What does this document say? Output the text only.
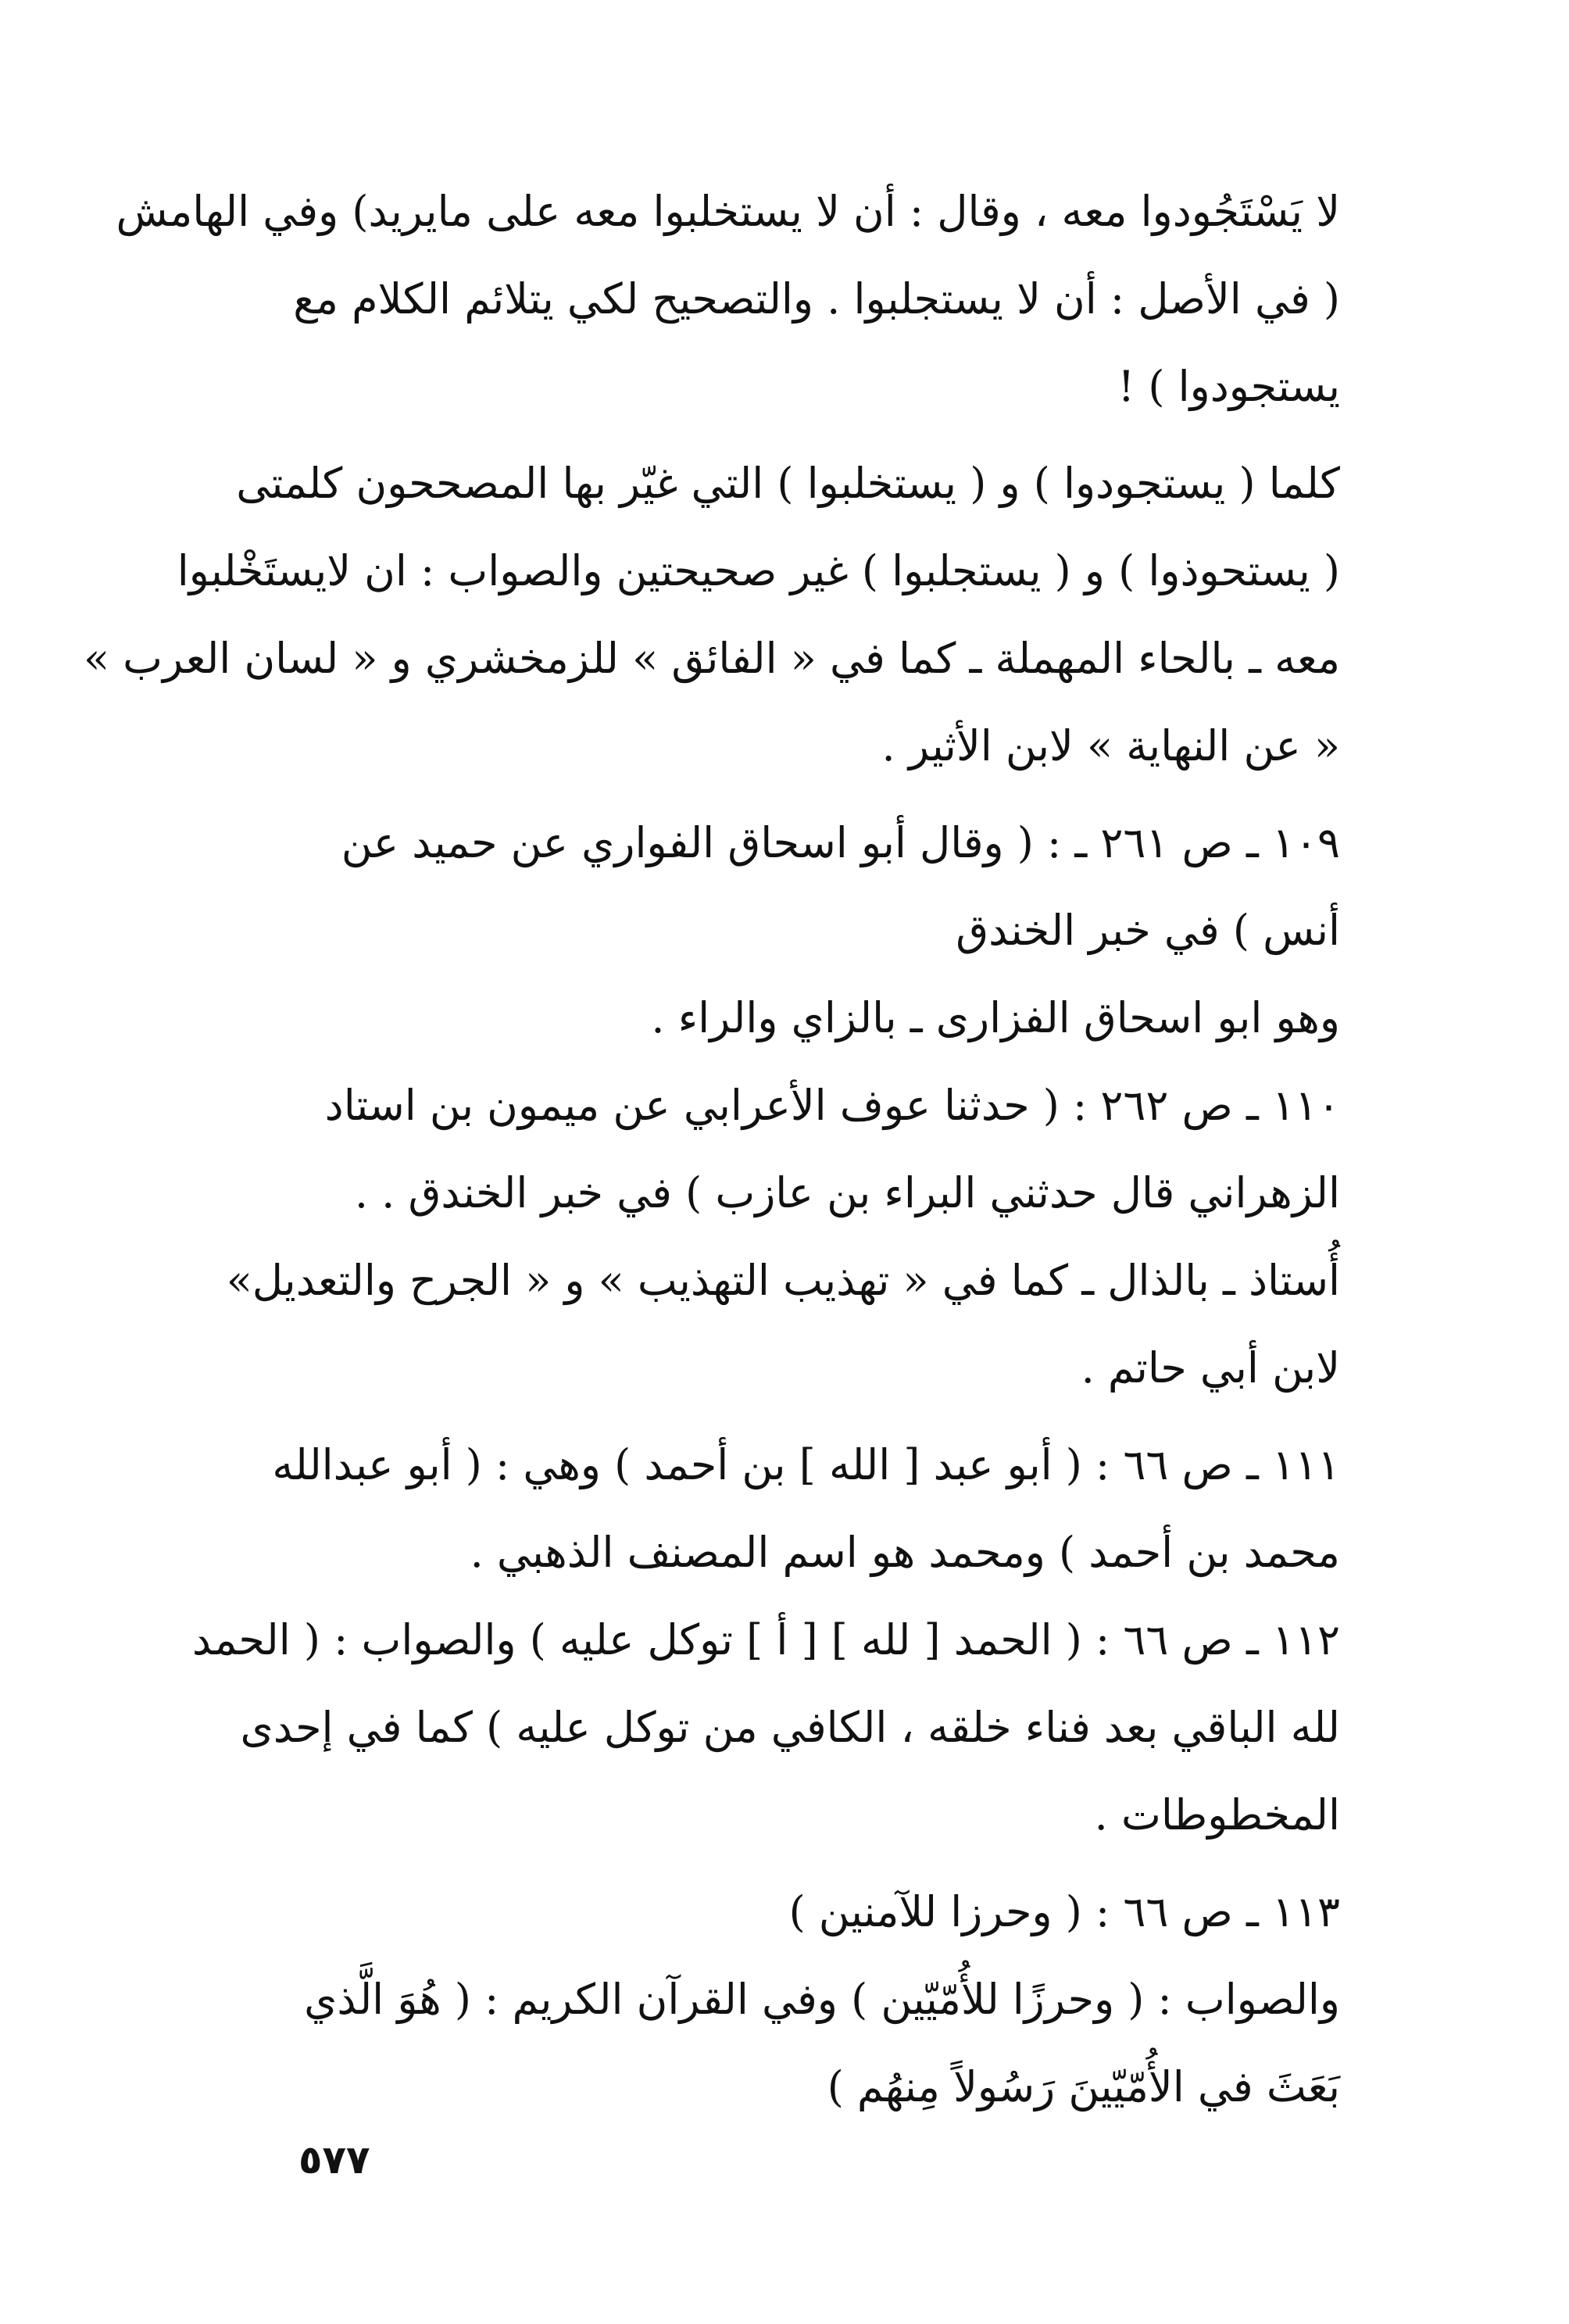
لا يَسْتَجُودوا معه ، وقال : أن لا يستخلبوا معه على مايريد) وفي الهامش
( في الأصل : أن لا يستجلبوا . والتصحيح لكي يتلائم الكلام مع
يستجودوا ) !
كلما ( يستجودوا ) و ( يستخلبوا ) التي غيّر بها المصححون كلمتى
( يستحوذوا ) و ( يستجلبوا ) غير صحيحتين والصواب : ان لايستَخْلبوا
معه ـ بالحاء المهملة ـ كما في « الفائق » للزمخشري و « لسان العرب »
« عن النهاية » لابن الأثير .
١٠٩ ـ ص ٢٦١ ـ : ( وقال أبو اسحاق الفواري عن حميد عن
أنس ) في خبر الخندق
وهو ابو اسحاق الفزارى ـ بالزاي والراء .
١١٠ ـ ص ٢٦٢ : ( حدثنا عوف الأعرابي عن ميمون بن استاد
الزهراني قال حدثني البراء بن عازب ) في خبر الخندق . .
أُستاذ ـ بالذال ـ كما في « تهذيب التهذيب » و « الجرح والتعديل»
لابن أبي حاتم .
١١١ ـ ص ٦٦ : ( أبو عبد [ الله ] بن أحمد ) وهي : ( أبو عبدالله
محمد بن أحمد ) ومحمد هو اسم المصنف الذهبي .
١١٢ ـ ص ٦٦ : ( الحمد [ لله ] [ أ ] توكل عليه ) والصواب : ( الحمد
لله الباقي بعد فناء خلقه ، الكافي من توكل عليه ) كما في إحدى
المخطوطات .
١١٣ ـ ص ٦٦ : ( وحرزا للآمنين )
والصواب : ( وحرزًا للأُمّيّين ) وفي القرآن الكريم : ( هُوَ الَّذي
بَعَثَ في الأُمّيّينَ رَسُولاً مِنهُم )
٥٧٧
